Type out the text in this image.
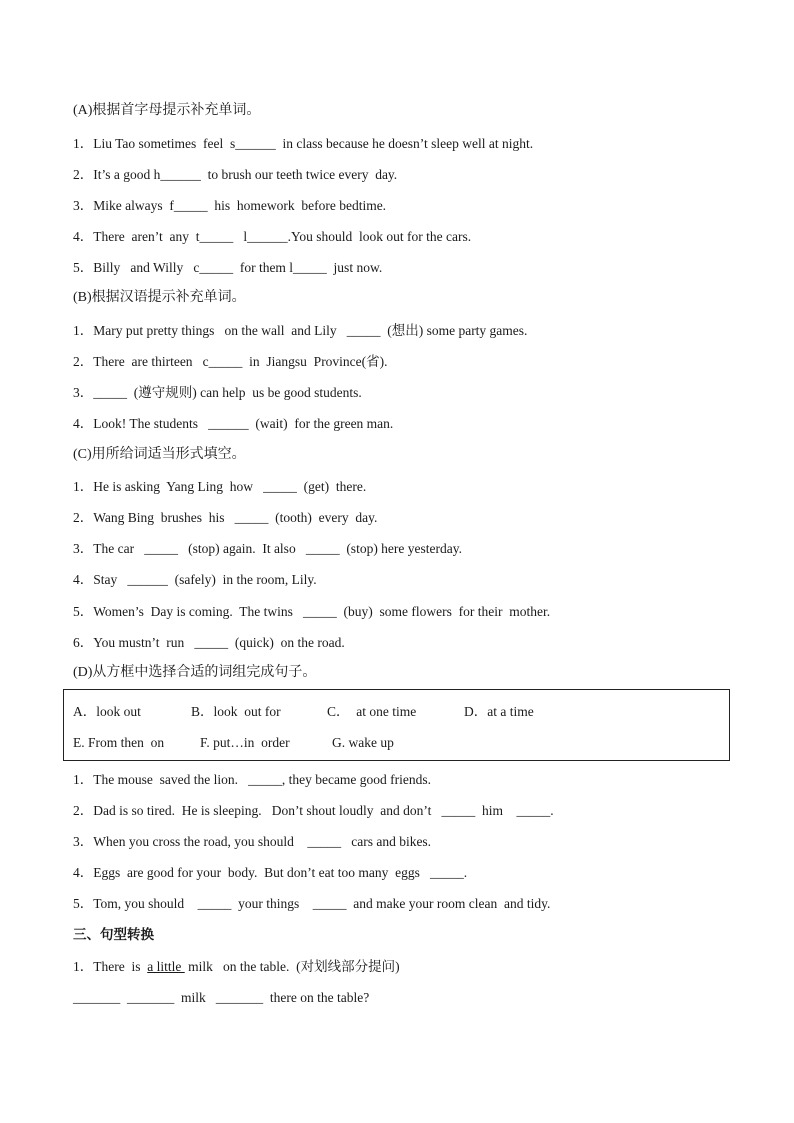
(A)根据首字母提示补充单词。
1．Liu Tao sometimes  feel  s______  in class because he doesn’t sleep well at night.
2．It’s a good h______  to brush our teeth twice every  day.
3．Mike always  f_____  his  homework  before bedtime.
4．There  aren’t  any  t_____   l______.You should  look out for the cars.
5．Billy   and Willy   c_____  for them l_____  just now.
(B)根据汉语提示补充单词。
1．Mary put pretty things   on the wall  and Lily   _____  (想出) some party games.
2．There  are thirteen   c_____  in  Jiangsu  Province(省).
3．_____  (遵守规则) can help  us be good students.
4．Look! The students   ______  (wait)  for the green man.
(C)用所给词适当形式填空。
1．He is asking  Yang Ling  how   _____  (get)  there.
2．Wang Bing  brushes  his   _____  (tooth)  every  day.
3．The car   _____   (stop) again.  It also   _____  (stop) here yesterday.
4．Stay   ______  (safely)  in the room, Lily.
5．Women’s  Day is coming.  The twins   _____  (buy)  some flowers  for their  mother.
6．You mustn’t  run   _____  (quick)  on the road.
(D)从方框中选择合适的词组完成句子。
A．look out	B．look  out for	C．  at one time	D．at a time
E. From then  on	F. put…in  order	G. wake up
1．The mouse  saved the lion.   _____, they became good friends.
2．Dad is so tired.  He is sleeping.   Don’t shout loudly  and don’t   _____  him    _____.
3．When you cross the road, you should    _____   cars and bikes.
4．Eggs  are good for your  body.  But don’t eat too many  eggs   _____.
5．Tom, you should    _____  your things    _____  and make your room clean  and tidy.
三、句型转换
1．There  is  a little  milk   on the table.  (对划线部分提问)
_______  _______  milk   _______  there on the table?
